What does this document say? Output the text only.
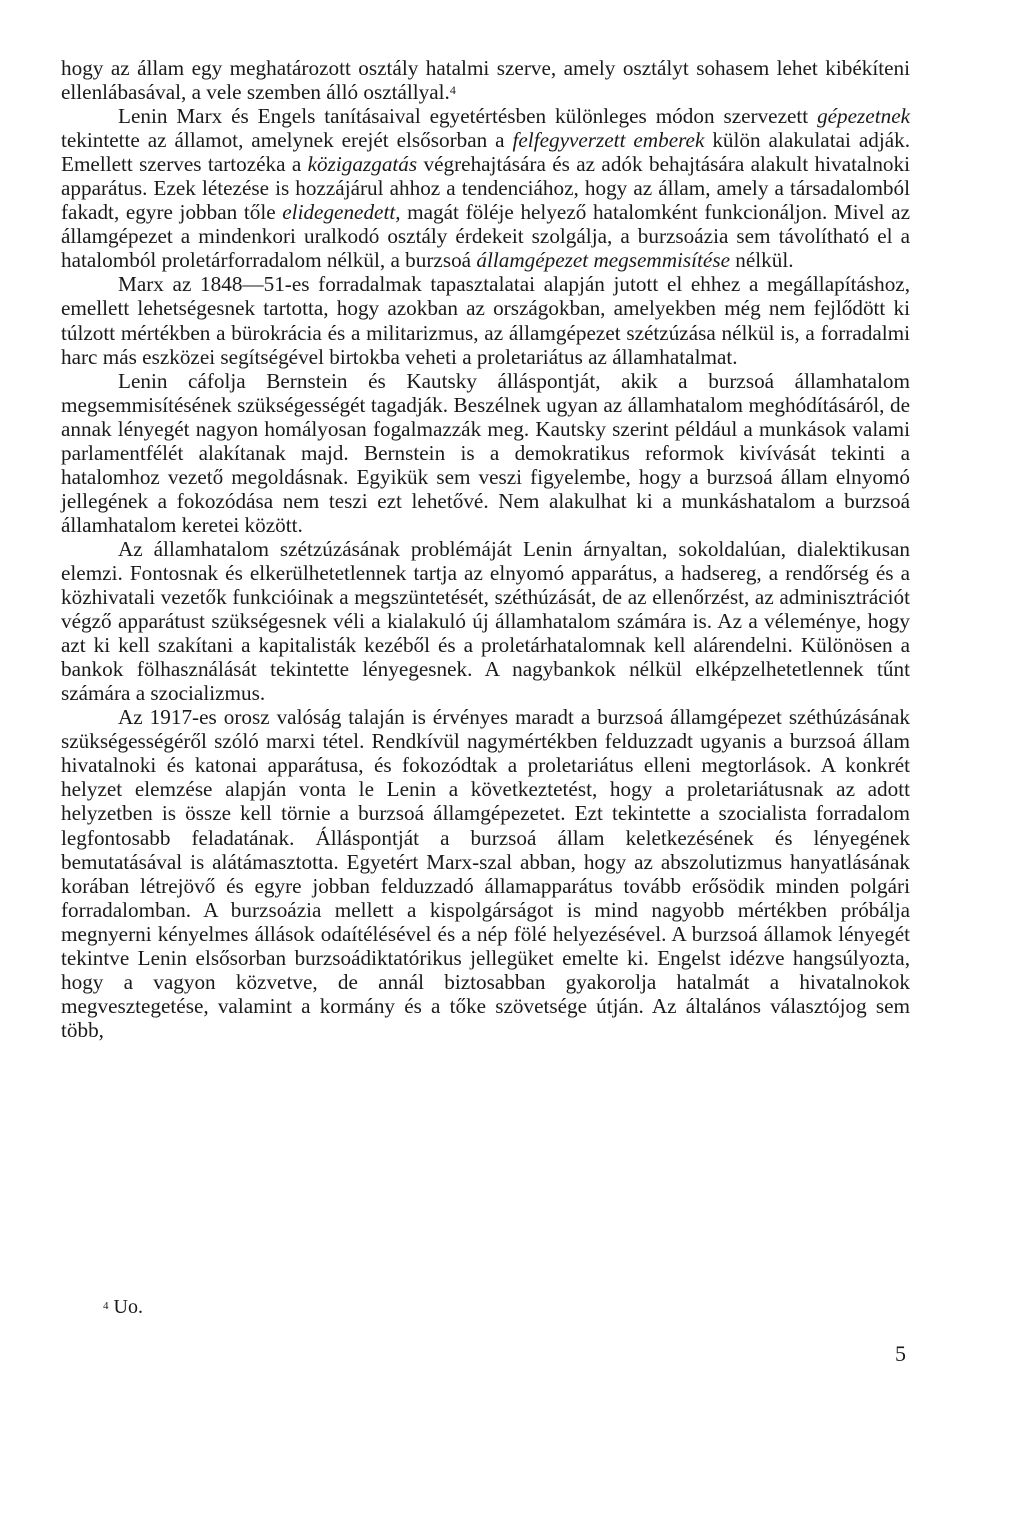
hogy az állam egy meghatározott osztály hatalmi szerve, amely osztályt sohasem lehet kibékíteni ellenlábasával, a vele szemben álló osztállyal.$^4$

Lenin Marx és Engels tanításaival egyetértésben különleges módon szervezett gépezetnek tekintette az államot, amelynek erejét elsősorban a felfegyverzett emberek külön alakulatai adják. Emellett szerves tartozéka a közigazgatás végrehajtására és az adók behajtására alakult hivatalnoki apparátus. Ezek létezése is hozzájárul ahhoz a tendenciához, hogy az állam, amely a társadalomból fakadt, egyre jobban tőle elidegenedett, magát föléje helyező hatalomként funkcionáljon. Mivel az államgépezet a mindenkori uralkodó osztály érdekeit szolgálja, a burzsoázia sem távolítható el a hatalomból proletárforradalom nélkül, a burzsoá államgépezet megsemmisítése nélkül.

Marx az 1848—51-es forradalmak tapasztalatai alapján jutott el ehhez a megállapításhoz, emellett lehetségesnek tartotta, hogy azokban az országokban, amelyekben még nem fejlődött ki túlzott mértékben a bürokrácia és a militarizmus, az államgépezet szétzúzása nélkül is, a forradalmi harc más eszközei segítségével birtokba veheti a proletariátus az államhatalmat.

Lenin cáfolja Bernstein és Kautsky álláspontját, akik a burzsoá államhatalom megsemmisítésének szükségességét tagadják. Beszélnek ugyan az államhatalom meghódításáról, de annak lényegét nagyon homályosan fogalmazzák meg. Kautsky szerint például a munkások valami parlamentfélét alakítanak majd. Bernstein is a demokratikus reformok kivívását tekinti a hatalomhoz vezető megoldásnak. Egyikük sem veszi figyelembe, hogy a burzsoá állam elnyomó jellegének a fokozódása nem teszi ezt lehetővé. Nem alakulhat ki a munkáshatalom a burzsoá államhatalom keretei között.

Az államhatalom szétzúzásának problémáját Lenin árnyaltan, sokoldalúan, dialektikusan elemzi. Fontosnak és elkerülhetetlennek tartja az elnyomó apparátus, a hadsereg, a rendőrség és a közhivatali vezetők funkcióinak a megszüntetését, széthúzását, de az ellenőrzést, az adminisztrációt végző apparátust szükségesnek véli a kialakuló új államhatalom számára is. Az a véleménye, hogy azt ki kell szakítani a kapitalisták kezéből és a proletárhatalomnak kell alárendelni. Különösen a bankok fölhasználását tekintette lényegesnek. A nagybankok nélkül elképzelhetetlennek tűnt számára a szocializmus.

Az 1917-es orosz valóság talaján is érvényes maradt a burzsoá államgépezet széthúzásának szükségességéről szóló marxi tétel. Rendkívül nagymértékben felduzzadt ugyanis a burzsoá állam hivatalnoki és katonai apparátusa, és fokozódtak a proletariátus elleni megtorlások. A konkrét helyzet elemzése alapján vonta le Lenin a következtetést, hogy a proletariátusnak az adott helyzetben is össze kell törnie a burzsoá államgépezetet. Ezt tekintette a szocialista forradalom legfontosabb feladatának. Álláspontját a burzsoá állam keletkezésének és lényegének bemutatásával is alátámasztotta. Egyetért Marx-szal abban, hogy az abszolutizmus hanyatlásának korában létrejövő és egyre jobban felduzzadó államapparátus tovább erősödik minden polgári forradalomban. A burzsoázia mellett a kispolgárságot is mind nagyobb mértékben próbálja megnyerni kényelmes állások odaítélésével és a nép fölé helyezésével. A burzsoá államok lényegét tekintve Lenin elsősorban burzsoádiktatórikus jellegüket emelte ki. Engelst idézve hangsúlyozta, hogy a vagyon közvetve, de annál biztosabban gyakorolja hatalmát a hivatalnokok megvesztegetése, valamint a kormány és a tőke szövetsége útján. Az általános választójog sem több,

$^4$ Uo.
5
